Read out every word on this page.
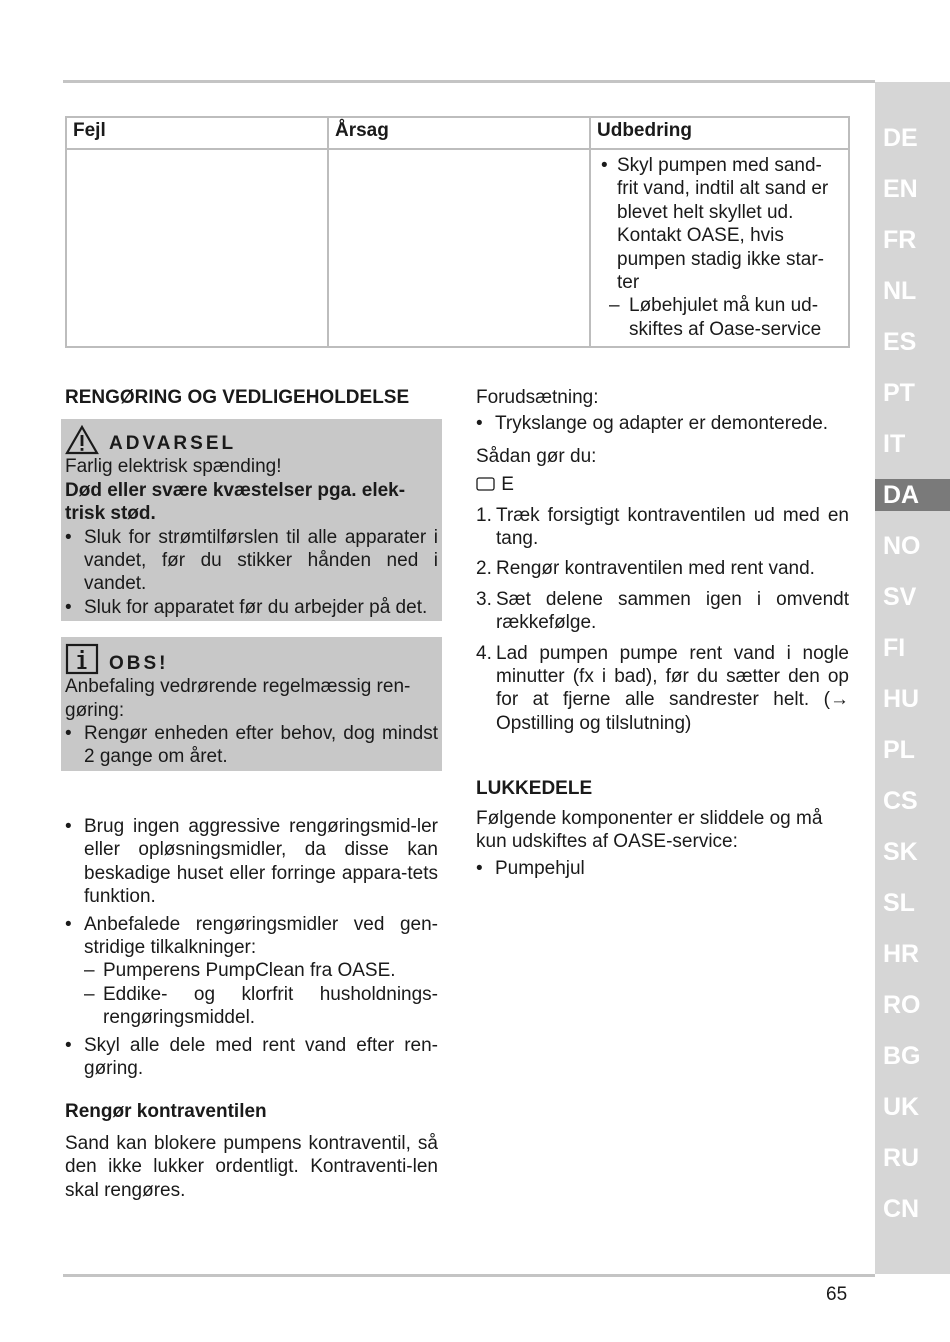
DE
EN
FR
NL
ES
PT
IT
DA
NO
SV
FI
HU
PL
CS
SK
SL
HR
RO
BG
UK
RU
CN
Fejl	Årsag	Udbedring

		• Skyl pumpen med sand-frit vand, indtil alt sand er blevet helt skyllet ud. Kontakt OASE, hvis pumpen stadig ikke star-ter
– Løbehjulet må kun ud-skiftes af Oase-service
RENGØRING OG VEDLIGEHOLDELSE
ADVARSEL

Farlig elektrisk spænding!

Død eller svære kvæstelser pga. elek-trisk stød.

• Sluk for strømtilførslen til alle apparater i vandet, før du stikker hånden ned i vandet.
• Sluk for apparatet før du arbejder på det.
OBS!

Anbefaling vedrørende regelmæssig ren-gøring:

• Rengør enheden efter behov, dog mindst 2 gange om året.
• Brug ingen aggressive rengøringsmid-ler eller opløsningsmidler, da disse kan beskadige huset eller forringe appara-tets funktion.
• Anbefalede rengøringsmidler ved gen-stridige tilkalkninger:
– Pumperens PumpClean fra OASE.
– Eddike- og klorfrit husholdnings-rengøringsmiddel.
• Skyl alle dele med rent vand efter ren-gøring.
Rengør kontraventilen

Sand kan blokere pumpens kontraventil, så den ikke lukker ordentligt. Kontraventi-len skal rengøres.

Forudsætning:

• Trykslange og adapter er demonterede.

Sådan gør du:

E

1. Træk forsigtigt kontraventilen ud med en tang.
2. Rengør kontraventilen med rent vand.
3. Sæt delene sammen igen i omvendt rækkefølge.
4. Lad pumpen pumpe rent vand i nogle minutter (fx i bad), før du sætter den op for at fjerne alle sandrester helt. (→ Opstilling og tilslutning)
LUKKEDELE

Følgende komponenter er sliddele og må kun udskiftes af OASE-service:

• Pumpehjul
65
